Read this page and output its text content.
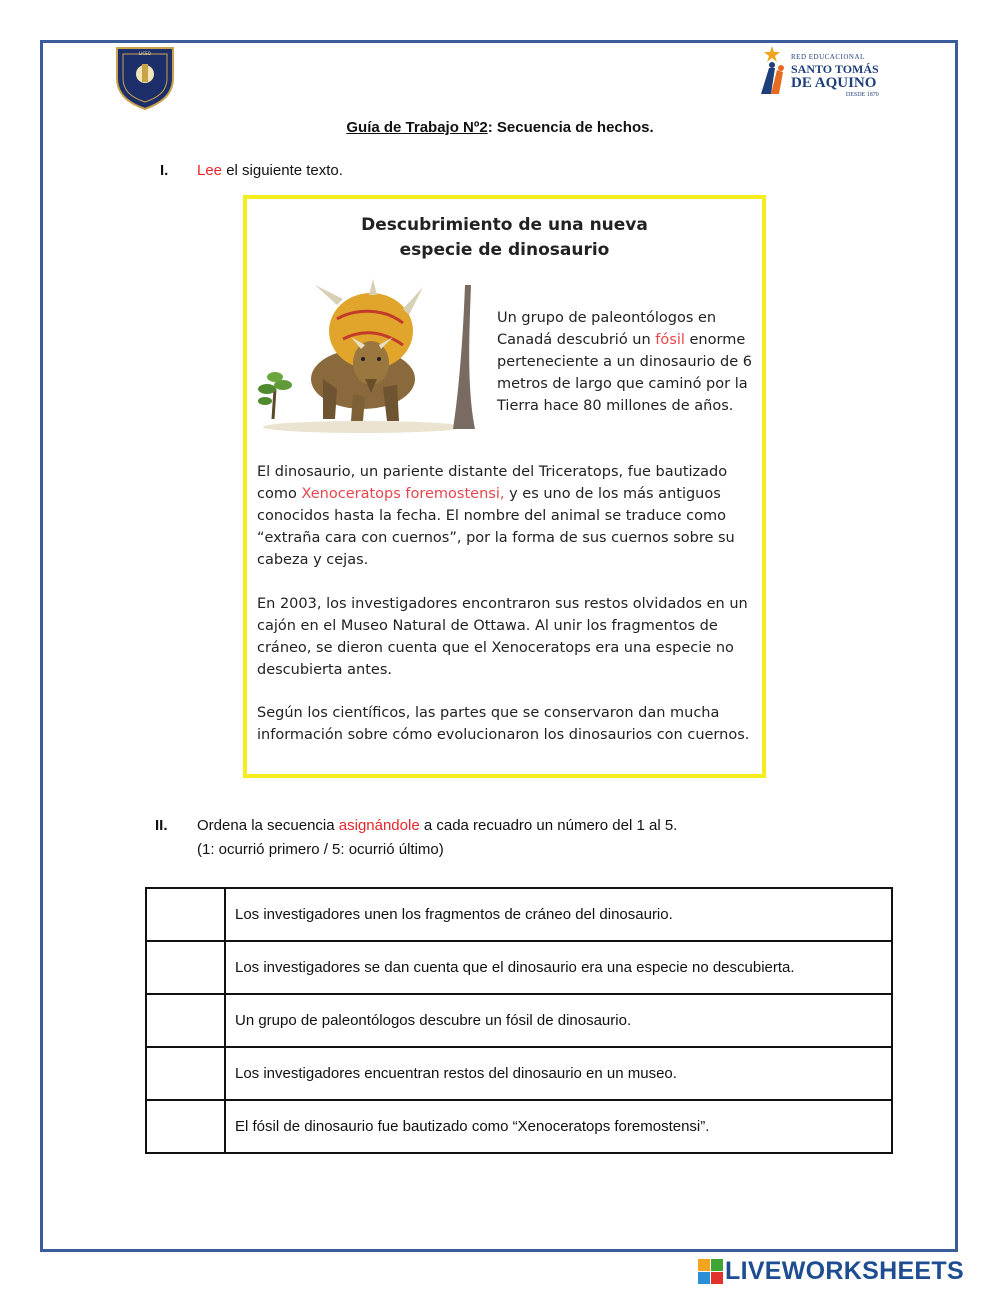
LICEO	RED EDUCACIONAL
SANTO TOMÁS
DE AQUINO
DESDE 1870
Guía de Trabajo Nº2: Secuencia de hechos.
I. Lee el siguiente texto.
Descubrimiento de una nueva
especie de dinosaurio
Un grupo de paleontólogos en Canadá descubrió un fósil enorme perteneciente a un dinosaurio de 6 metros de largo que caminó por la Tierra hace 80 millones de años.
El dinosaurio, un pariente distante del Triceratops, fue bautizado como Xenoceratops foremostensi, y es uno de los más antiguos conocidos hasta la fecha. El nombre del animal se traduce como “extraña cara con cuernos”, por la forma de sus cuernos sobre su cabeza y cejas.
En 2003, los investigadores encontraron sus restos olvidados en un cajón en el Museo Natural de Ottawa. Al unir los fragmentos de cráneo, se dieron cuenta que el Xenoceratops era una especie no descubierta antes.
Según los científicos, las partes que se conservaron dan mucha información sobre cómo evolucionaron los dinosaurios con cuernos.
II. Ordena la secuencia asignándole a cada recuadro un número del 1 al 5.
(1: ocurrió primero / 5: ocurrió último)
	Los investigadores unen los fragmentos de cráneo del dinosaurio.
	Los investigadores se dan cuenta que el dinosaurio era una especie no descubierta.
	Un grupo de paleontólogos descubre un fósil de dinosaurio.
	Los investigadores encuentran restos del dinosaurio en un museo.
	El fósil de dinosaurio fue bautizado como “Xenoceratops foremostensi”.
LIVEWORKSHEETS
